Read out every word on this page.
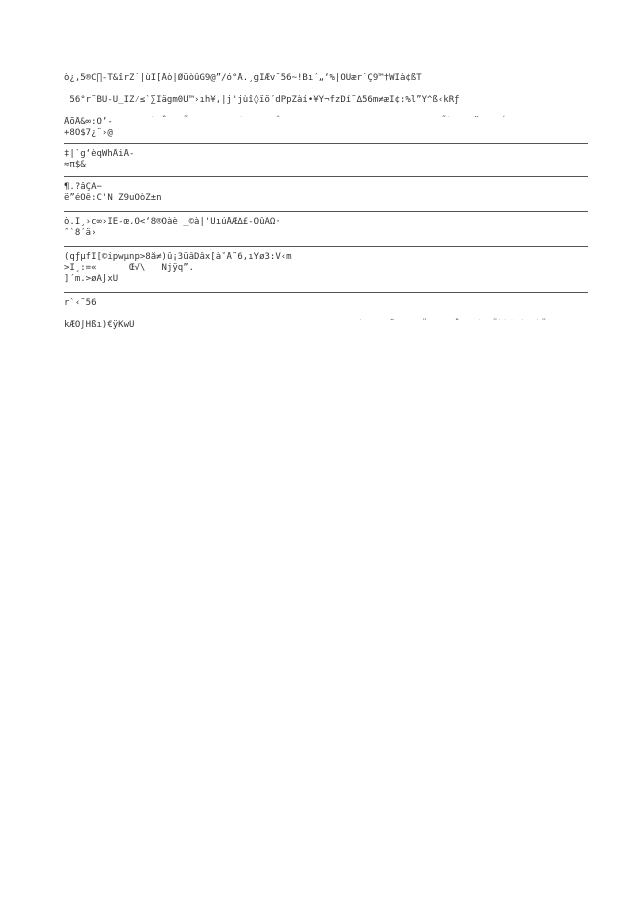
ò¿,5®C∏-T&îrZ˙|ùÎ[Åò|ØüòûG9@”/ó°Å.¸gÎÆv˘56~!Bı´„‘%|OÜær˙Ç9™†WÎà¢ßT

56°r˜BÜ-Ü_IZ⁄≤`∑Iägm0U™›ıh¥,|j'jùî◊ïö´dPpZàí•¥Y¬fzDí˜∆56m≠æÎ¢:%l”Ÿ^ß‹kRƒ

ÅõÅ&∞:O’-
+8Ö$7¿¨›@
‡|`g‘èqWhÅiÅ-
≈π$&
¶.?âÇÂ−
ë”éÖê:C'Ñ Z9uÖòZ±n
ò.Î¸›c∞›IÉ-œ.Ò<‘8®Õàè _©à|'ÜıúÅÆ∆£-ÖûÄΩ·
ˆ`8´ä›
(qƒµfÎ[©ipwµnp>8å≠)û¡3üâDâx[à˚Å˜6,ıYø3:V‹m
>Î¸:=«      Œ√\   Njÿq”.
]´m.>øA∫xÜ
r`‹˜56

kÆÒ∫Hßı)€ÿKwU
